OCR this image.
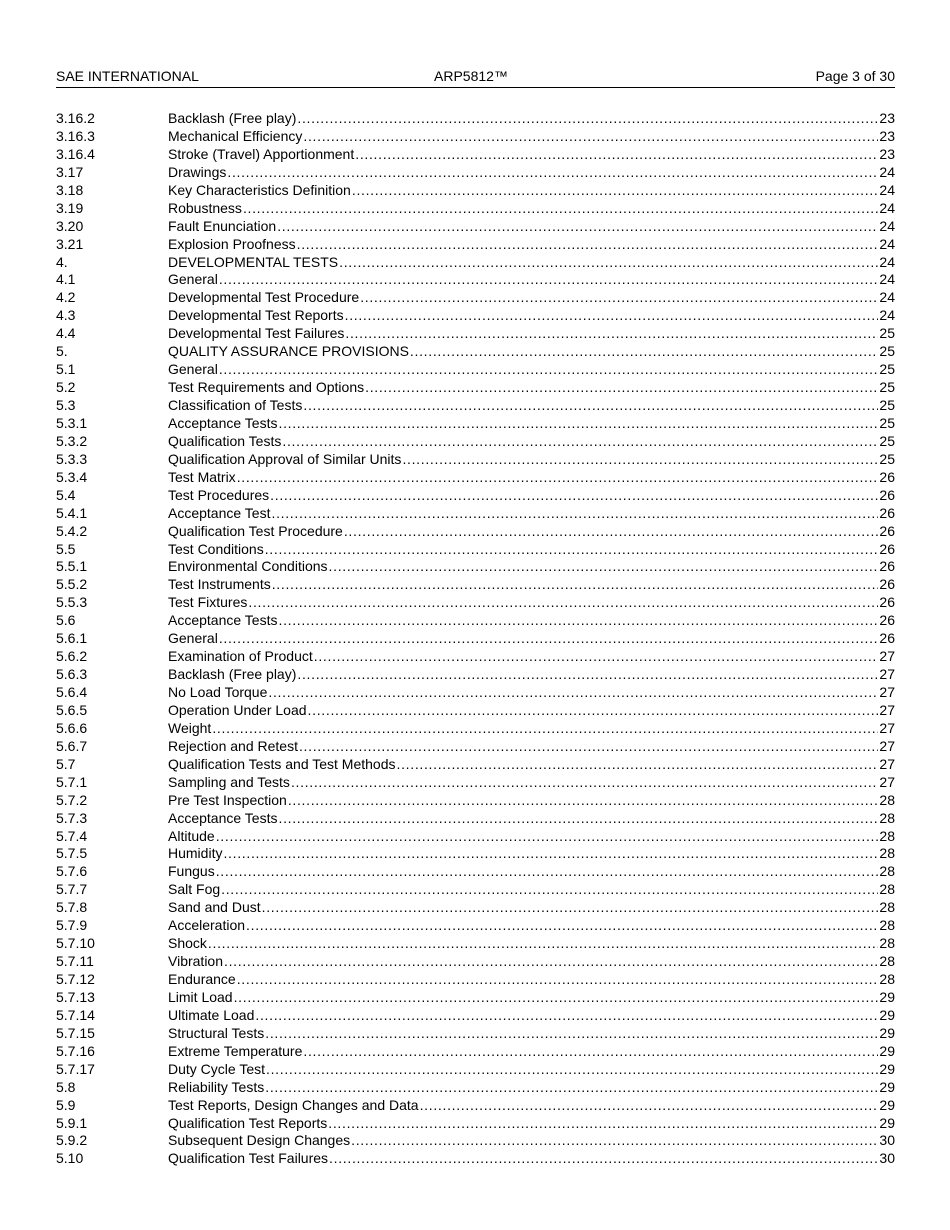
SAE INTERNATIONAL	ARP5812™	Page 3 of 30
3.16.2	Backlash (Free play) . . .	23
3.16.3	Mechanical Efficiency . . .	23
3.16.4	Stroke (Travel) Apportionment . . .	23
3.17	Drawings . . .	24
3.18	Key Characteristics Definition . . .	24
3.19	Robustness . . .	24
3.20	Fault Enunciation . . .	24
3.21	Explosion Proofness . . .	24
4.	DEVELOPMENTAL TESTS . . .	24
4.1	General . . .	24
4.2	Developmental Test Procedure . . .	24
4.3	Developmental Test Reports . . .	24
4.4	Developmental Test Failures . . .	25
5.	QUALITY ASSURANCE PROVISIONS . . .	25
5.1	General . . .	25
5.2	Test Requirements and Options . . .	25
5.3	Classification of Tests . . .	25
5.3.1	Acceptance Tests . . .	25
5.3.2	Qualification Tests . . .	25
5.3.3	Qualification Approval of Similar Units . . .	25
5.3.4	Test Matrix . . .	26
5.4	Test Procedures . . .	26
5.4.1	Acceptance Test . . .	26
5.4.2	Qualification Test Procedure . . .	26
5.5	Test Conditions . . .	26
5.5.1	Environmental Conditions . . .	26
5.5.2	Test Instruments . . .	26
5.5.3	Test Fixtures . . .	26
5.6	Acceptance Tests . . .	26
5.6.1	General . . .	26
5.6.2	Examination of Product . . .	27
5.6.3	Backlash (Free play) . . .	27
5.6.4	No Load Torque . . .	27
5.6.5	Operation Under Load . . .	27
5.6.6	Weight . . .	27
5.6.7	Rejection and Retest . . .	27
5.7	Qualification Tests and Test Methods . . .	27
5.7.1	Sampling and Tests . . .	27
5.7.2	Pre Test Inspection . . .	28
5.7.3	Acceptance Tests . . .	28
5.7.4	Altitude . . .	28
5.7.5	Humidity . . .	28
5.7.6	Fungus . . .	28
5.7.7	Salt Fog . . .	28
5.7.8	Sand and Dust . . .	28
5.7.9	Acceleration . . .	28
5.7.10	Shock . . .	28
5.7.11	Vibration . . .	28
5.7.12	Endurance . . .	28
5.7.13	Limit Load . . .	29
5.7.14	Ultimate Load . . .	29
5.7.15	Structural Tests . . .	29
5.7.16	Extreme Temperature . . .	29
5.7.17	Duty Cycle Test . . .	29
5.8	Reliability Tests . . .	29
5.9	Test Reports, Design Changes and Data . . .	29
5.9.1	Qualification Test Reports . . .	29
5.9.2	Subsequent Design Changes . . .	30
5.10	Qualification Test Failures . . .	30
